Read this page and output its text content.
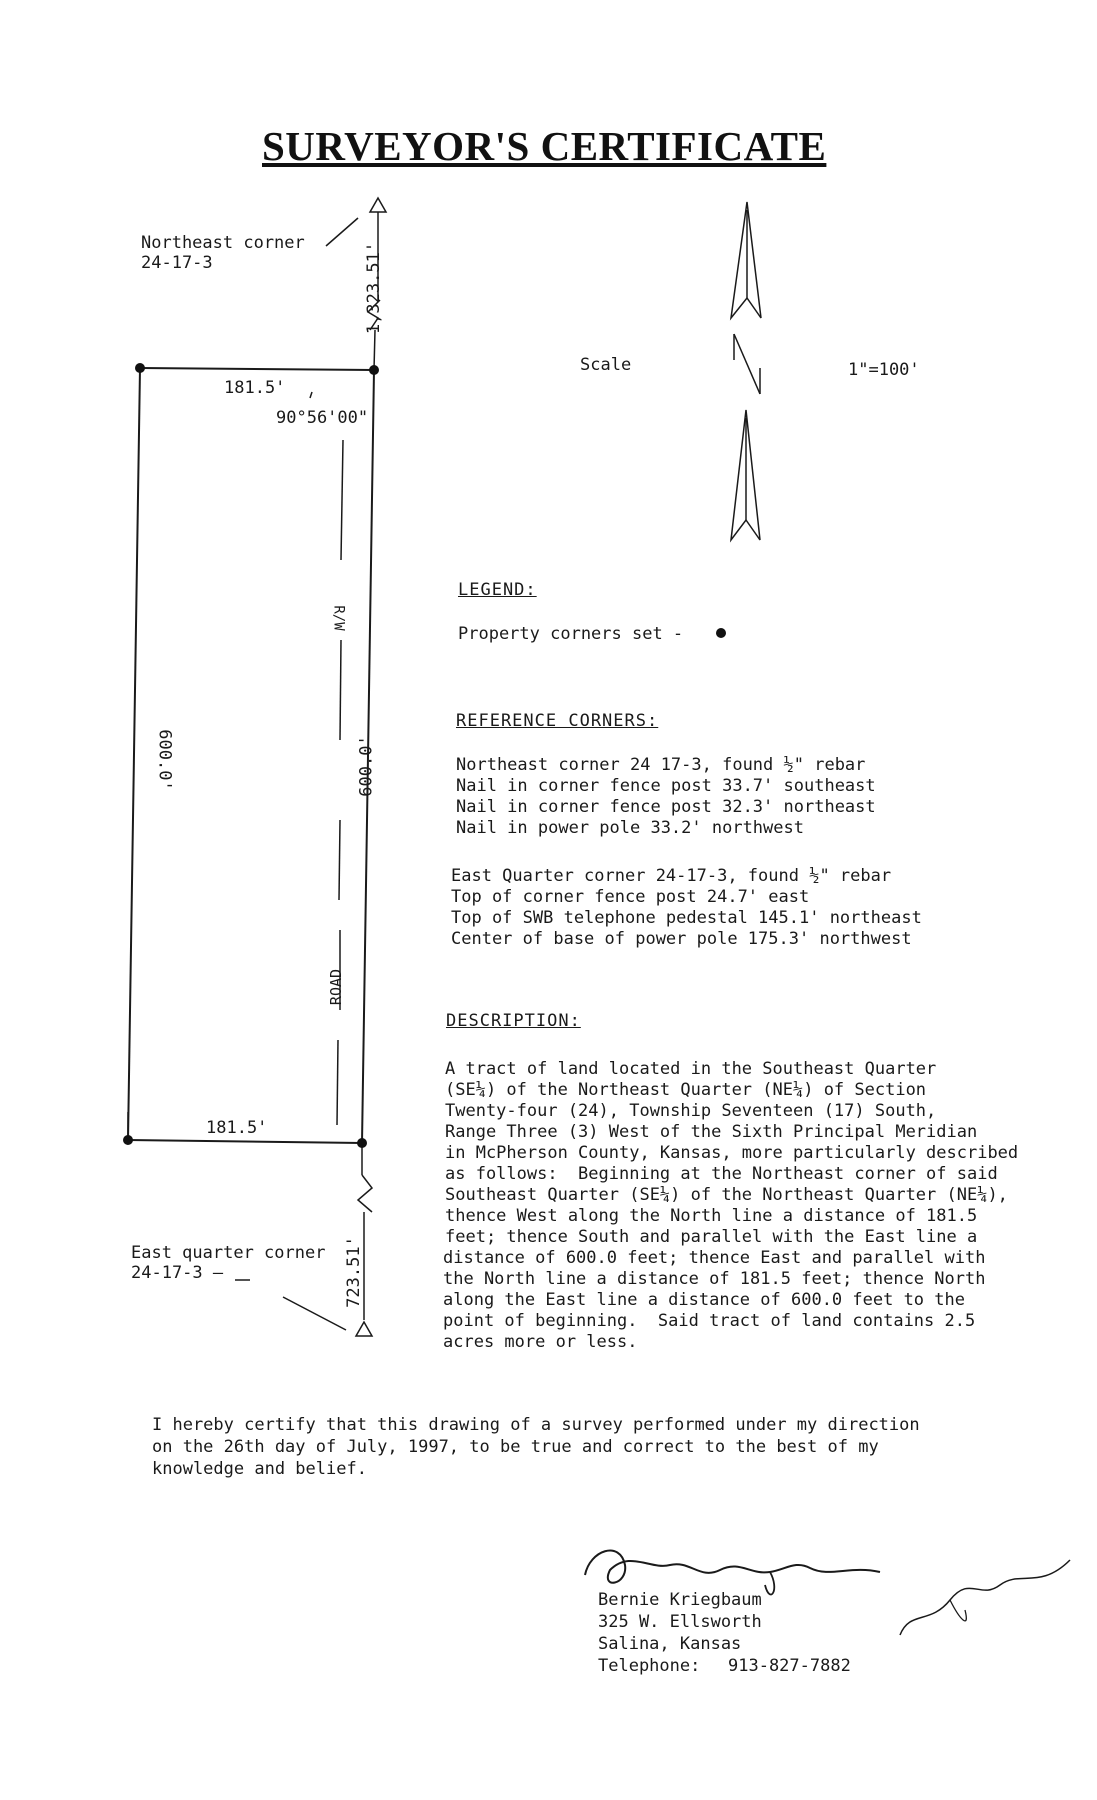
SURVEYOR'S CERTIFICATE
Northeast corner
24-17-3	1,323.51'
181.5'
90°56'00"
600.0'	600.0'
R/W
ROAD
181.5'
East quarter corner
24-17-3 —	723.51'
Scale	1"=100'
LEGEND:
Property corners set -
REFERENCE CORNERS:
Northeast corner 24 17-3, found ½" rebar
Nail in corner fence post 33.7' southeast
Nail in corner fence post 32.3' northeast
Nail in power pole 33.2' northwest
East Quarter corner 24-17-3, found ½" rebar
Top of corner fence post 24.7' east
Top of SWB telephone pedestal 145.1' northeast
Center of base of power pole 175.3' northwest
DESCRIPTION:
A tract of land located in the Southeast Quarter
(SE¼) of the Northeast Quarter (NE¼) of Section
Twenty-four (24), Township Seventeen (17) South,
Range Three (3) West of the Sixth Principal Meridian
in McPherson County, Kansas, more particularly described
as follows:  Beginning at the Northeast corner of said
Southeast Quarter (SE¼) of the Northeast Quarter (NE¼),
thence West along the North line a distance of 181.5
feet; thence South and parallel with the East line a
distance of 600.0 feet; thence East and parallel with
the North line a distance of 181.5 feet; thence North
along the East line a distance of 600.0 feet to the
point of beginning.  Said tract of land contains 2.5
acres more or less.
I hereby certify that this drawing of a survey performed under my direction
on the 26th day of July, 1997, to be true and correct to the best of my
knowledge and belief.
Bernie Kriegbaum
325 W. Ellsworth
Salina, Kansas
Telephone: 913-827-7882
